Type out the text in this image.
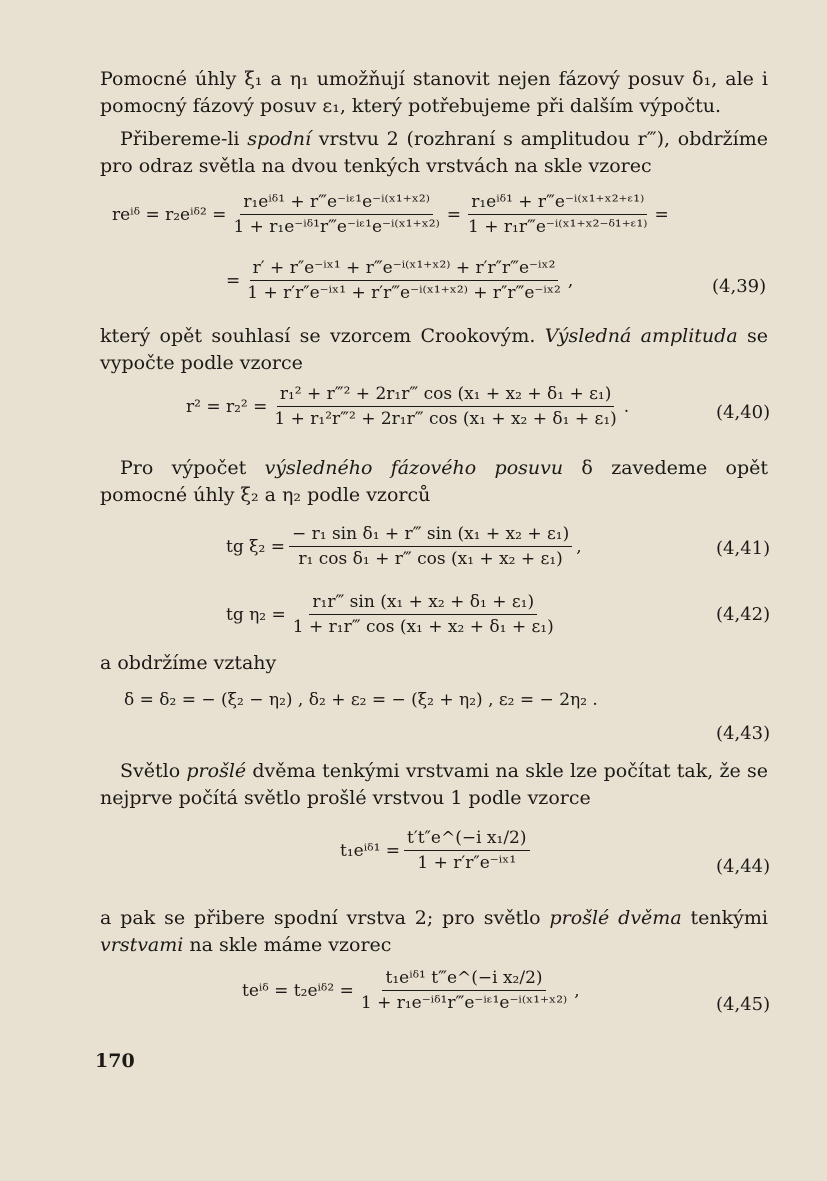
Pomocné úhly ξ₁ a η₁ umožňují stanovit nejen fázový posuv δ₁, ale i pomocný fázový posuv ε₁, který potřebujeme při dalším výpočtu.

Přibereme-li spodní vrstvu 2 (rozhraní s amplitudou r‴), obdržíme pro odraz světla na dvou tenkých vrstvách na skle vzorec

reⁱᵟ = r₂eⁱᵟ² = $\frac{\text{r₁eⁱᵟ¹ + r‴e⁻ⁱᵋ¹e⁻ⁱ⁽ˣ¹⁺ˣ²⁾}}{\text{1 + r₁e⁻ⁱᵟ¹r‴e⁻ⁱᵋ¹e⁻ⁱ⁽ˣ¹⁺ˣ²⁾}} = \frac{\text{r₁eⁱᵟ¹ + r‴e⁻ⁱ⁽ˣ¹⁺ˣ²⁺ᵋ¹⁾}}{\text{1 + r₁r‴e⁻ⁱ⁽ˣ¹⁺ˣ²⁻ᵟ¹⁺ᵋ¹⁾}}$ =
= $\frac{\text{r′ + r″e⁻ⁱˣ¹ + r‴e⁻ⁱ⁽ˣ¹⁺ˣ²⁾ + r′r″r‴e⁻ⁱˣ²}}{\text{1 + r′r″e⁻ⁱˣ¹ + r′r‴e⁻ⁱ⁽ˣ¹⁺ˣ²⁾ + r″r‴e⁻ⁱˣ²}}$ ,	(4,39)

který opět souhlasí se vzorcem Crookovým. Výsledná amplituda se vypočte podle vzorce

$r^2 = r_2^2 = \frac{\text{r₁² + r‴² + 2r₁r‴ cos (x₁ + x₂ + δ₁ + ε₁)}}{\text{1 + r₁²r‴² + 2r₁r‴ cos (x₁ + x₂ + δ₁ + ε₁)}}$ .	(4,40)

Pro výpočet výsledného fázového posuvu δ zavedeme opět pomocné úhly ξ₂ a η₂ podle vzorců

tg $\xi_2 = \frac{\text{− r₁ sin δ₁ + r‴ sin (x₁ + x₂ + ε₁)}}{\text{r₁ cos δ₁ + r‴ cos (x₁ + x₂ + ε₁)}}$ ,	(4,41)
tg $\eta_2 = \frac{\text{r₁r‴ sin (x₁ + x₂ + δ₁ + ε₁)}}{\text{1 + r₁r‴ cos (x₁ + x₂ + δ₁ + ε₁)}}$	(4,42)

a obdržíme vztahy

δ = δ₂ = − (ξ₂ − η₂) , δ₂ + ε₂ = − (ξ₂ + η₂) , ε₂ = − 2η₂ .
(4,43)

Světlo prošlé dvěma tenkými vrstvami na skle lze počítat tak, že se nejprve počítá světlo prošlé vrstvou 1 podle vzorce

t₁eⁱᵟ¹ = $\frac{\text{t′t″e\textasciicircum{}(−i x₁/2)}}{\text{1 + r′r″e⁻ⁱˣ¹}}$	(4,44)

a pak se přibere spodní vrstva 2; pro světlo prošlé dvěma tenkými vrstvami na skle máme vzorec

teⁱᵟ = t₂eⁱᵟ² = $\frac{\text{t₁eⁱᵟ¹ t‴e\textasciicircum{}(−i x₂/2)}}{\text{1 + r₁e⁻ⁱᵟ¹r‴e⁻ⁱᵋ¹e⁻ⁱ⁽ˣ¹⁺ˣ²⁾}}$ ,
(4,45)
170
